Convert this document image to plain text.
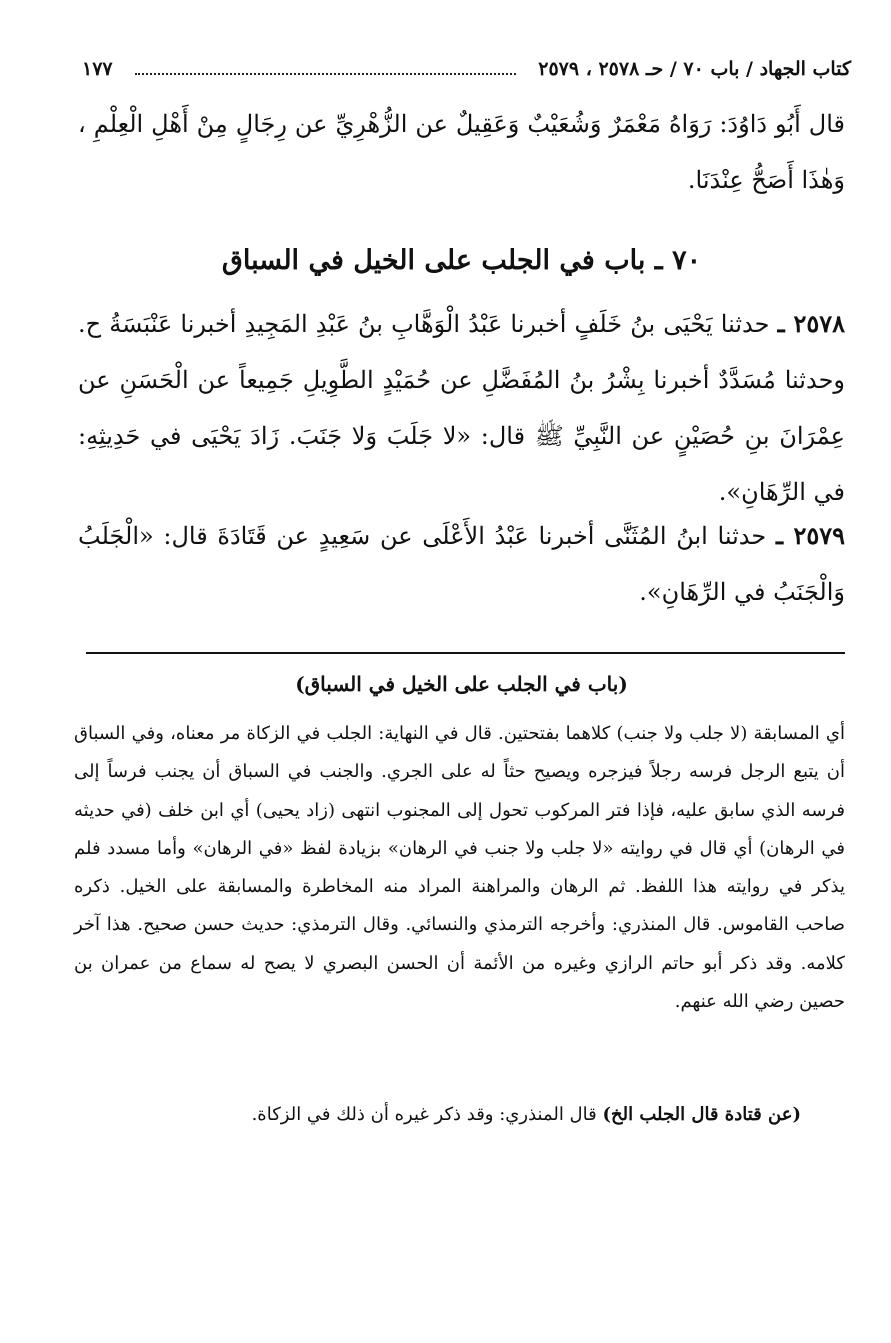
كتاب الجهاد / باب ٧٠ / حـ ٢٥٧٨ ، ٢٥٧٩
١٧٧

قال أَبُو دَاوُدَ: رَوَاهُ مَعْمَرٌ وَشُعَيْبٌ وَعَقِيلٌ عن الزُّهْرِيِّ عن رِجَالٍ مِنْ أَهْلِ الْعِلْمِ ، وَهٰذَا أَصَحُّ عِنْدَنَا.

٧٠ ـ باب في الجلب على الخيل في السباق

٢٥٧٨ ـ حدثنا يَحْيَى بنُ خَلَفٍ أخبرنا عَبْدُ الْوَهَّابِ بنُ عَبْدِ المَجِيدِ أخبرنا عَنْبَسَةُ ح. وحدثنا مُسَدَّدٌ أخبرنا بِشْرُ بنُ المُفَضَّلِ عن حُمَيْدٍ الطَّوِيلِ جَمِيعاً عن الْحَسَنِ عن عِمْرَانَ بنِ حُصَيْنٍ عن النَّبِيِّ ﷺ قال: «لا جَلَبَ وَلا جَنَبَ. زَادَ يَحْيَى في حَدِيثِهِ: في الرِّهَانِ».

٢٥٧٩ ـ حدثنا ابنُ المُثَنَّى أخبرنا عَبْدُ الأَعْلَى عن سَعِيدٍ عن قَتَادَةَ قال: «الْجَلَبُ وَالْجَنَبُ في الرِّهَانِ».

(باب في الجلب على الخيل في السباق)

أي المسابقة (لا جلب ولا جنب) كلاهما بفتحتين. قال في النهاية: الجلب في الزكاة مر معناه، وفي السباق أن يتبع الرجل فرسه رجلاً فيزجره ويصيح حثاً له على الجري. والجنب في السباق أن يجنب فرساً إلى فرسه الذي سابق عليه، فإذا فتر المركوب تحول إلى المجنوب انتهى (زاد يحيى) أي ابن خلف (في حديثه في الرهان) أي قال في روايته «لا جلب ولا جنب في الرهان» بزيادة لفظ «في الرهان» وأما مسدد فلم يذكر في روايته هذا اللفظ. ثم الرهان والمراهنة المراد منه المخاطرة والمسابقة على الخيل. ذكره صاحب القاموس. قال المنذري: وأخرجه الترمذي والنسائي. وقال الترمذي: حديث حسن صحيح. هذا آخر كلامه. وقد ذكر أبو حاتم الرازي وغيره من الأئمة أن الحسن البصري لا يصح له سماع من عمران بن حصين رضي الله عنهم.

(عن قتادة قال الجلب الخ) قال المنذري: وقد ذكر غيره أن ذلك في الزكاة.
